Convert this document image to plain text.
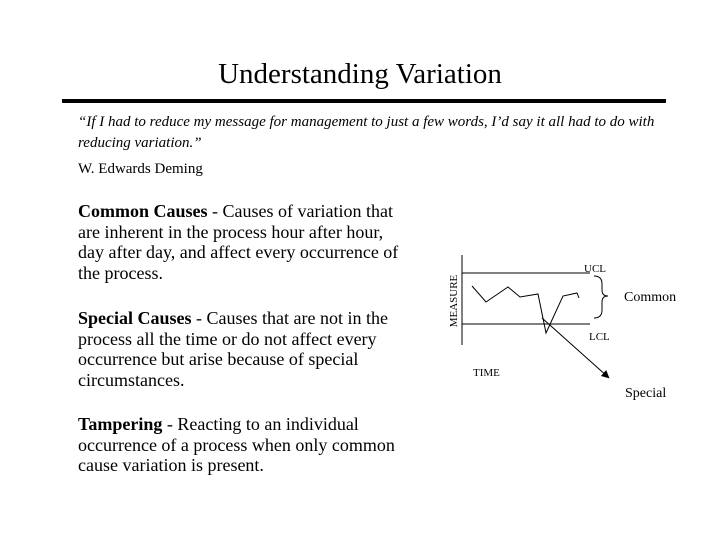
Understanding Variation
“If I had to reduce my message for management to just a few words, I’d say it all had to do with reducing variation.”
W. Edwards Deming
Common Causes - Causes of variation that are inherent in the process hour after hour, day after day, and affect every occurrence of the process.
Special Causes - Causes that are not in the process all the time or do not affect every occurrence but arise because of special circumstances.
Tampering - Reacting to an individual occurrence of a process when only common cause variation is present.
MEASURE
UCL
LCL
TIME
Common
Special
